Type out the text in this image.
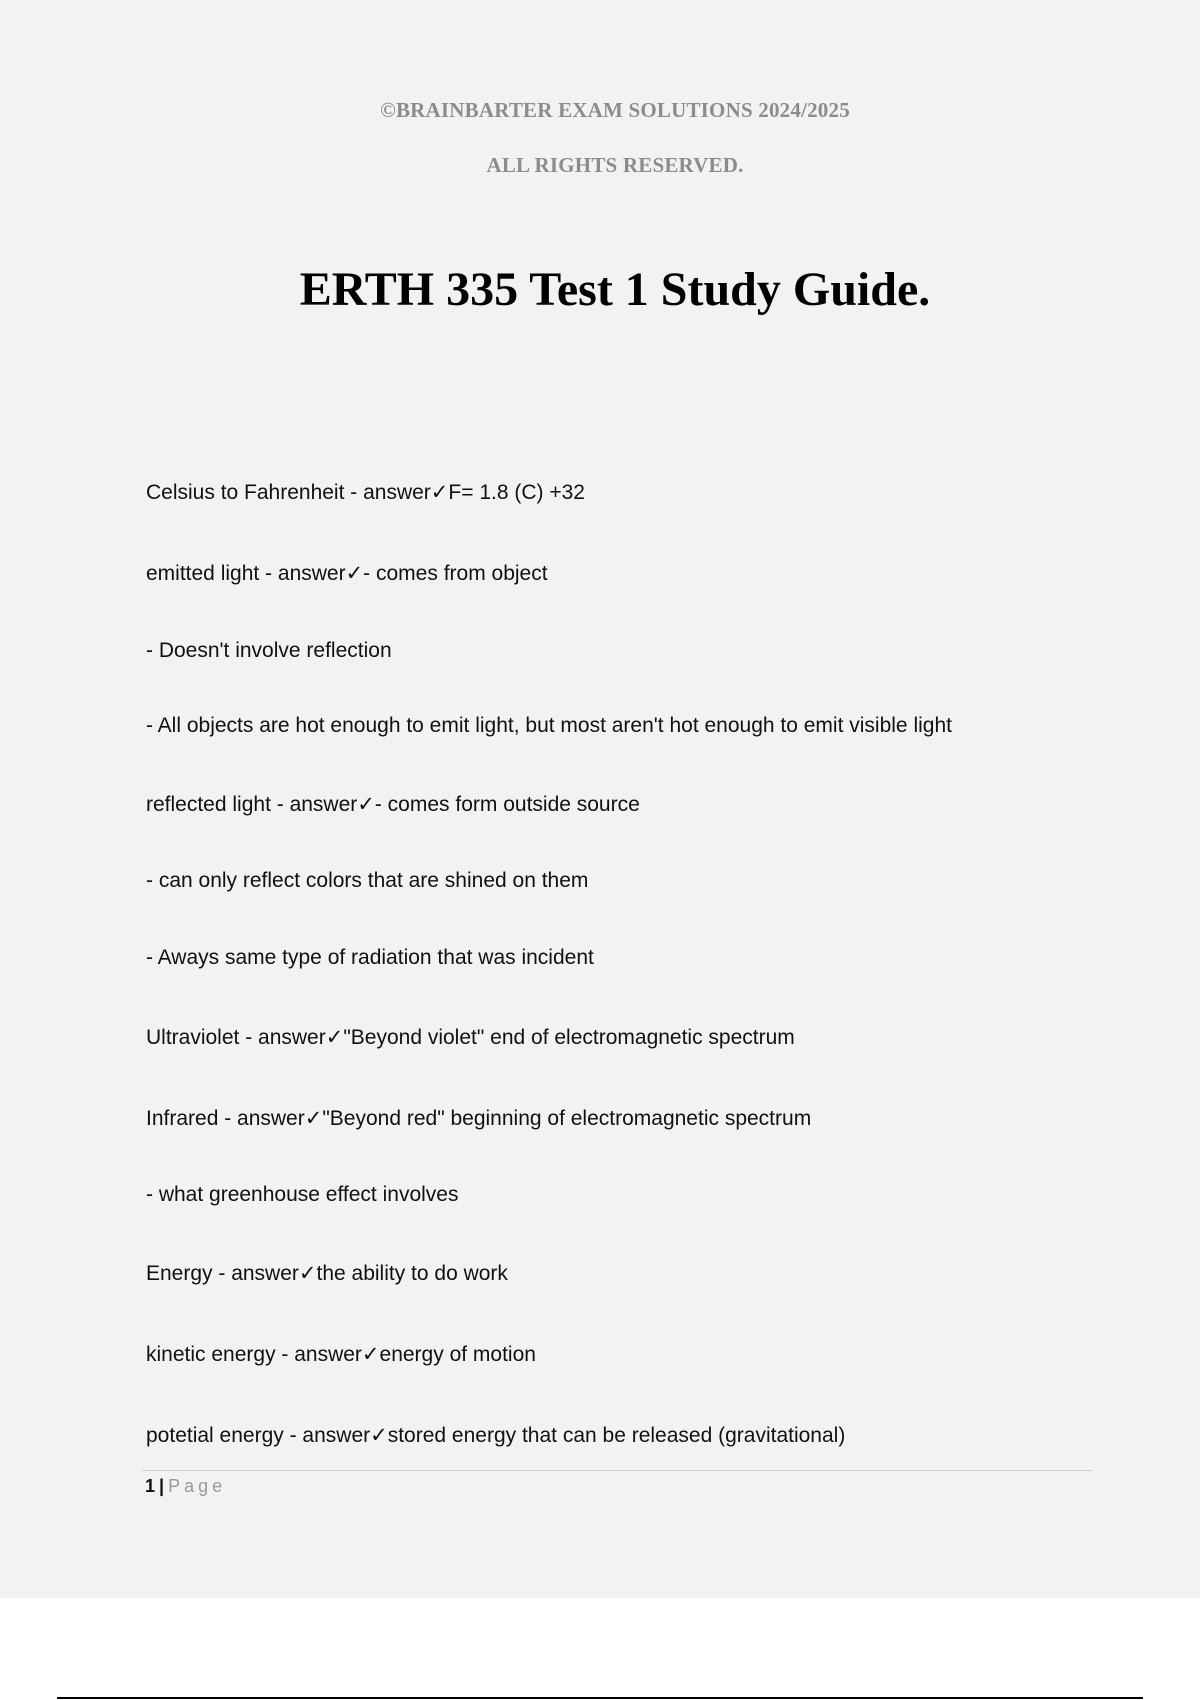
©BRAINBARTER EXAM SOLUTIONS 2024/2025
ALL RIGHTS RESERVED.
ERTH 335 Test 1 Study Guide.
Celsius to Fahrenheit - answer✓F= 1.8 (C) +32
emitted light - answer✓- comes from object
- Doesn't involve reflection
- All objects are hot enough to emit light, but most aren't hot enough to emit visible light
reflected light - answer✓- comes form outside source
- can only reflect colors that are shined on them
- Aways same type of radiation that was incident
Ultraviolet - answer✓"Beyond violet" end of electromagnetic spectrum
Infrared - answer✓"Beyond red" beginning of electromagnetic spectrum
- what greenhouse effect involves
Energy - answer✓the ability to do work
kinetic energy - answer✓energy of motion
potetial energy - answer✓stored energy that can be released (gravitational)
1 | Page
